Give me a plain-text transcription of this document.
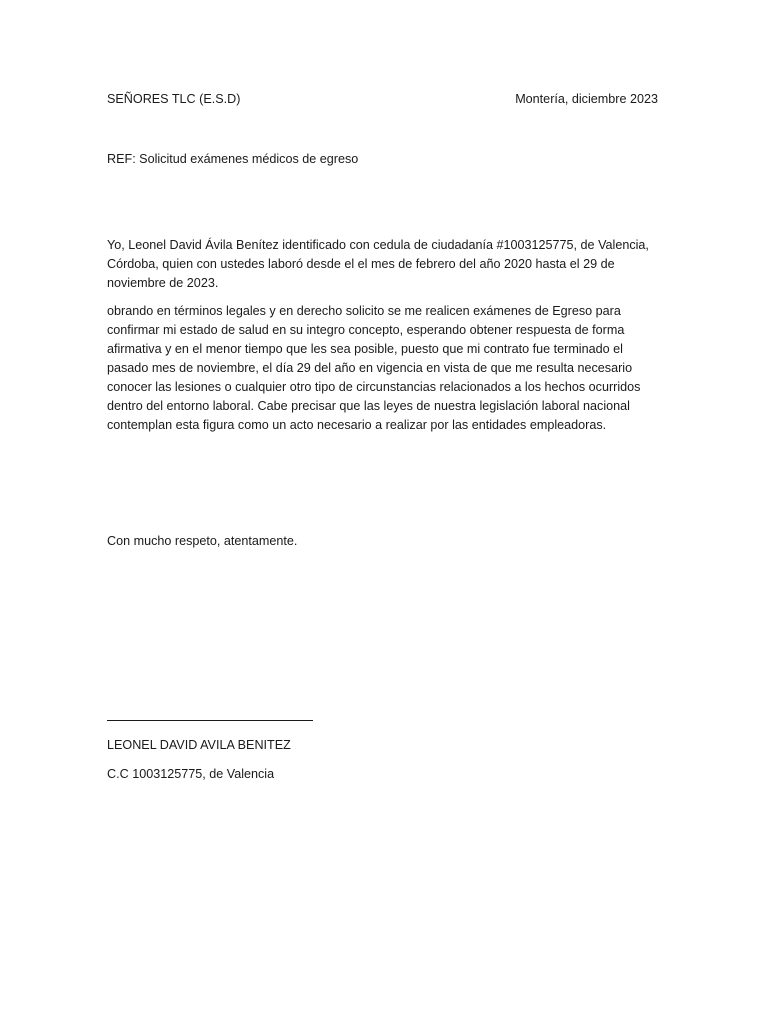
SEÑORES TLC (E.S.D)	Montería, diciembre 2023
REF: Solicitud exámenes médicos de egreso
Yo, Leonel David Ávila Benítez identificado con cedula de ciudadanía #1003125775, de Valencia, Córdoba, quien con ustedes laboró desde el el mes de febrero del año 2020 hasta el 29 de noviembre de 2023.
obrando en términos legales y en derecho solicito se me realicen exámenes de Egreso para confirmar mi estado de salud en su integro concepto, esperando obtener respuesta de forma afirmativa y en el menor tiempo que les sea posible, puesto que mi contrato fue terminado el pasado mes de noviembre, el día 29 del año en vigencia en vista de que me resulta necesario conocer las lesiones o cualquier otro tipo de circunstancias relacionados a los hechos ocurridos dentro del entorno laboral. Cabe precisar que las leyes de nuestra legislación laboral nacional contemplan esta figura como un acto necesario a realizar por las entidades empleadoras.
Con mucho respeto, atentamente.
LEONEL DAVID AVILA BENITEZ
C.C 1003125775, de Valencia
